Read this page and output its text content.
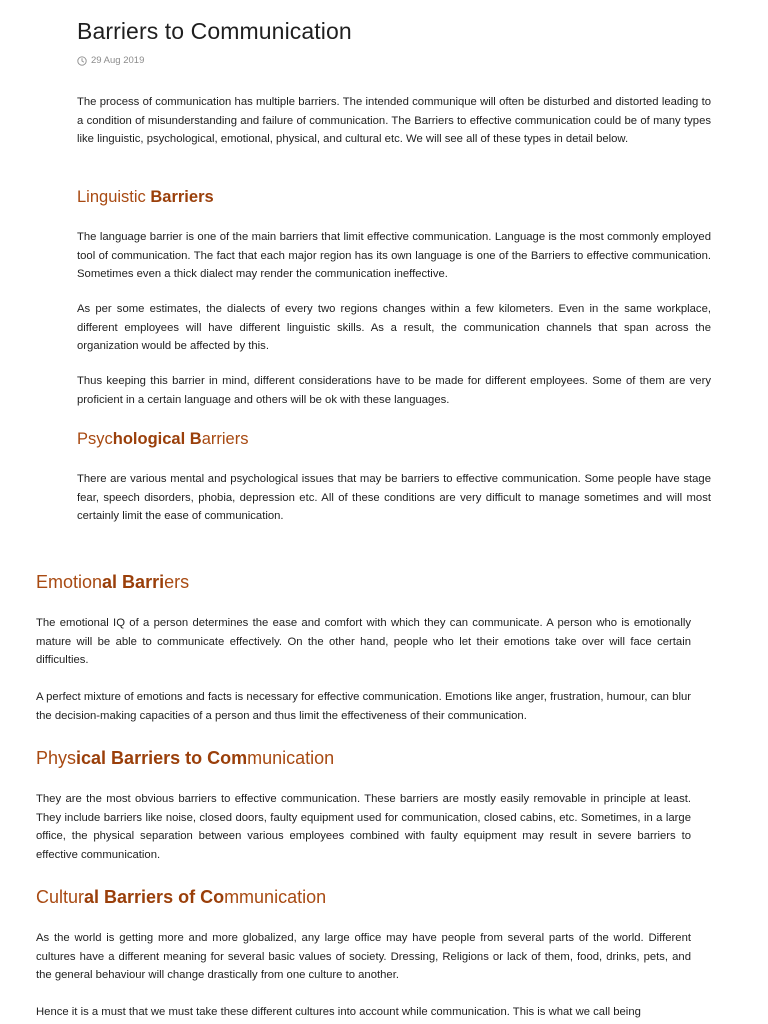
Barriers to Communication
29 Aug 2019

The process of communication has multiple barriers. The intended communique will often be disturbed and distorted leading to a condition of misunderstanding and failure of communication. The Barriers to effective communication could be of many types like linguistic, psychological, emotional, physical, and cultural etc. We will see all of these types in detail below.

Linguistic Barriers

The language barrier is one of the main barriers that limit effective communication. Language is the most commonly employed tool of communication. The fact that each major region has its own language is one of the Barriers to effective communication. Sometimes even a thick dialect may render the communication ineffective.

As per some estimates, the dialects of every two regions changes within a few kilometers. Even in the same workplace, different employees will have different linguistic skills. As a result, the communication channels that span across the organization would be affected by this.

Thus keeping this barrier in mind, different considerations have to be made for different employees. Some of them are very proficient in a certain language and others will be ok with these languages.

Psychological Barriers

There are various mental and psychological issues that may be barriers to effective communication. Some people have stage fear, speech disorders, phobia, depression etc. All of these conditions are very difficult to manage sometimes and will most certainly limit the ease of communication.

Emotional Barriers

The emotional IQ of a person determines the ease and comfort with which they can communicate. A person who is emotionally mature will be able to communicate effectively. On the other hand, people who let their emotions take over will face certain difficulties.

A perfect mixture of emotions and facts is necessary for effective communication. Emotions like anger, frustration, humour, can blur the decision-making capacities of a person and thus limit the effectiveness of their communication.

Physical Barriers to Communication

They are the most obvious barriers to effective communication. These barriers are mostly easily removable in principle at least. They include barriers like noise, closed doors, faulty equipment used for communication, closed cabins, etc. Sometimes, in a large office, the physical separation between various employees combined with faulty equipment may result in severe barriers to effective communication.

Cultural Barriers of Communication

As the world is getting more and more globalized, any large office may have people from several parts of the world. Different cultures have a different meaning for several basic values of society. Dressing, Religions or lack of them, food, drinks, pets, and the general behaviour will change drastically from one culture to another.

Hence it is a must that we must take these different cultures into account while communication. This is what we call being
